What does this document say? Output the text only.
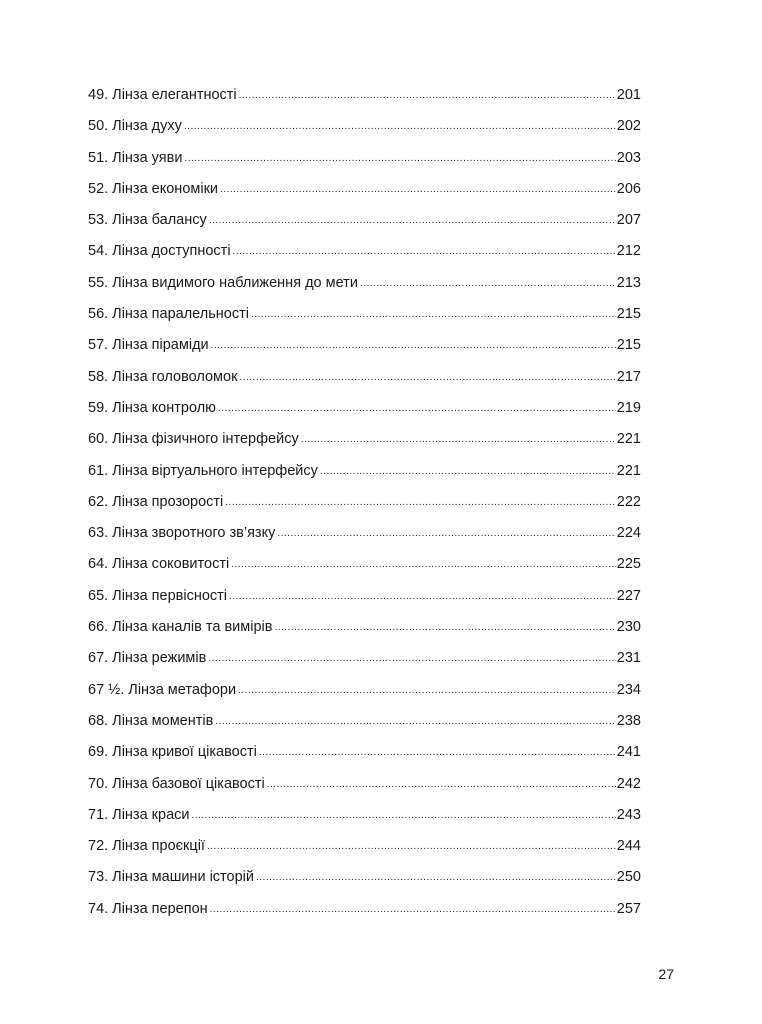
49. Лінза елегантності .....	201
50. Лінза духу .....	202
51. Лінза уяви .....	203
52. Лінза економіки .....	206
53. Лінза балансу .....	207
54. Лінза доступності .....	212
55. Лінза видимого наближення до мети .....	213
56. Лінза паралельності .....	215
57. Лінза піраміди .....	215
58. Лінза головоломок .....	217
59. Лінза контролю .....	219
60. Лінза фізичного інтерфейсу .....	221
61. Лінза віртуального інтерфейсу .....	221
62. Лінза прозорості .....	222
63. Лінза зворотного зв’язку .....	224
64. Лінза соковитості .....	225
65. Лінза первісності .....	227
66. Лінза каналів та вимірів .....	230
67. Лінза режимів .....	231
67 ½. Лінза метафори .....	234
68. Лінза моментів .....	238
69. Лінза кривої цікавості .....	241
70. Лінза базової цікавості .....	242
71. Лінза краси .....	243
72. Лінза проєкції .....	244
73. Лінза машини історій .....	250
74. Лінза перепон .....	257
27
